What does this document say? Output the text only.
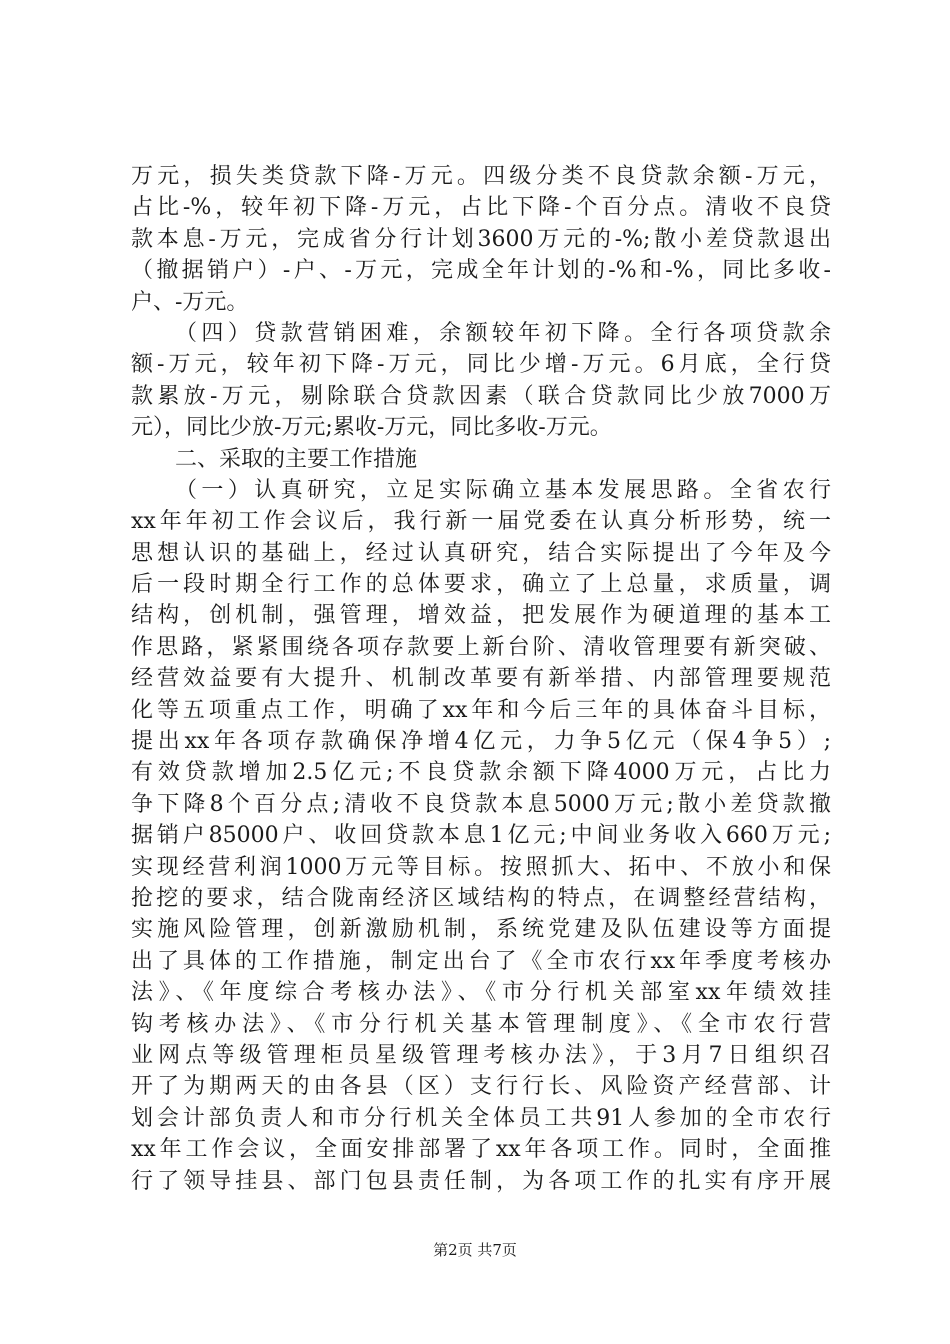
万元，损失类贷款下降-万元。四级分类不良贷款余额-万元，
占比-%，较年初下降-万元，占比下降-个百分点。清收不良贷
款本息-万元，完成省分行计划3600万元的-%;散小差贷款退出
（撤据销户）-户、-万元，完成全年计划的-%和-%，同比多收-
户、-万元。
（四）贷款营销困难，余额较年初下降。全行各项贷款余
额-万元，较年初下降-万元，同比少增-万元。6月底，全行贷
款累放-万元，剔除联合贷款因素（联合贷款同比少放7000万
元），同比少放-万元;累收-万元，同比多收-万元。
二、采取的主要工作措施
（一）认真研究，立足实际确立基本发展思路。全省农行
xx年年初工作会议后，我行新一届党委在认真分析形势，统一
思想认识的基础上，经过认真研究，结合实际提出了今年及今
后一段时期全行工作的总体要求，确立了上总量，求质量，调
结构，创机制，强管理，增效益，把发展作为硬道理的基本工
作思路，紧紧围绕各项存款要上新台阶、清收管理要有新突破、
经营效益要有大提升、机制改革要有新举措、内部管理要规范
化等五项重点工作，明确了xx年和今后三年的具体奋斗目标，
提出xx年各项存款确保净增4亿元，力争5亿元（保4争5）;
有效贷款增加2.5亿元;不良贷款余额下降4000万元，占比力
争下降8个百分点;清收不良贷款本息5000万元;散小差贷款撤
据销户85000户、收回贷款本息1亿元;中间业务收入660万元;
实现经营利润1000万元等目标。按照抓大、拓中、不放小和保
抢挖的要求，结合陇南经济区域结构的特点，在调整经营结构，
实施风险管理，创新激励机制，系统党建及队伍建设等方面提
出了具体的工作措施，制定出台了《全市农行xx年季度考核办
法》、《年度综合考核办法》、《市分行机关部室xx年绩效挂
钩考核办法》、《市分行机关基本管理制度》、《全市农行营
业网点等级管理柜员星级管理考核办法》，于3月7日组织召
开了为期两天的由各县（区）支行行长、风险资产经营部、计
划会计部负责人和市分行机关全体员工共91人参加的全市农行
xx年工作会议，全面安排部署了xx年各项工作。同时，全面推
行了领导挂县、部门包县责任制，为各项工作的扎实有序开展
第2页 共7页
